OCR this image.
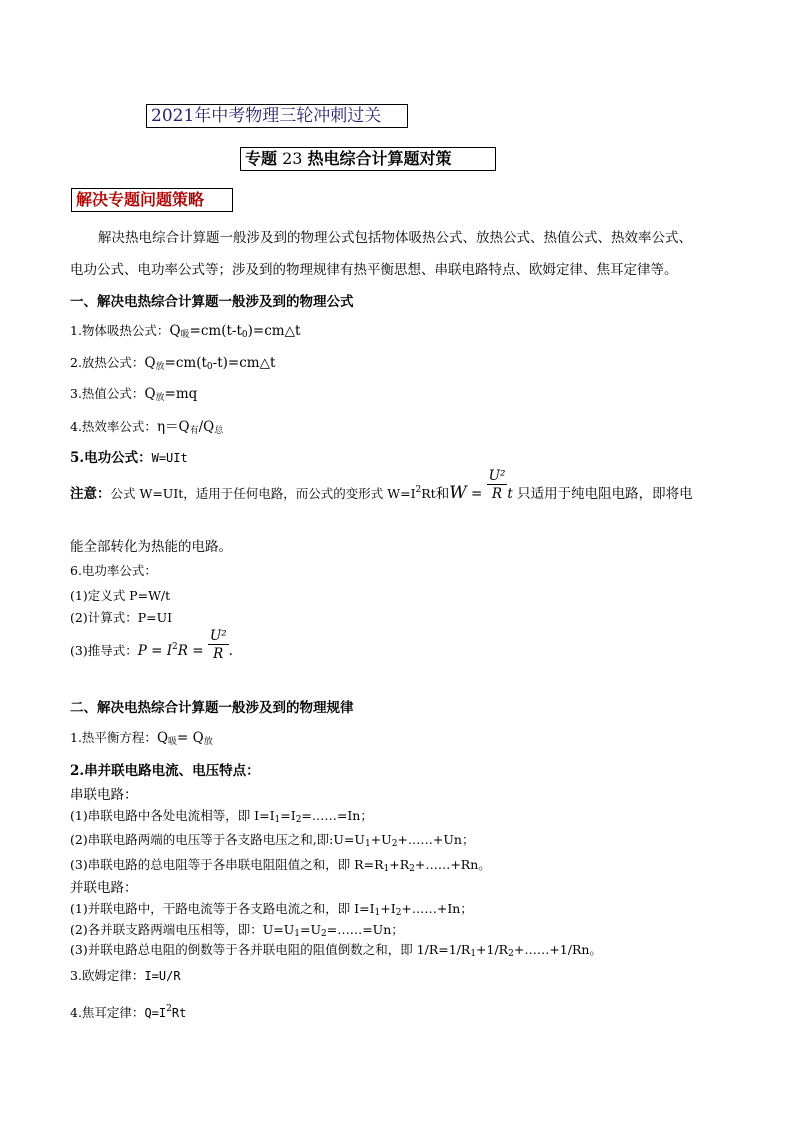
2021年中考物理三轮冲刺过关
专题 23 热电综合计算题对策
解决专题问题策略
解决热电综合计算题一般涉及到的物理公式包括物体吸热公式、放热公式、热值公式、热效率公式、
电功公式、电功率公式等；涉及到的物理规律有热平衡思想、串联电路特点、欧姆定律、焦耳定律等。
一、解决电热综合计算题一般涉及到的物理公式
1.物体吸热公式：$Q_吸=cm(t-t_0)=cm\triangle t$
2.放热公式：$Q_放=cm(t_0-t)=cm\triangle t$
3.热值公式：$Q_放=mq$
4.热效率公式：$\eta=Q_有/Q_总$
5.电功公式：W=UIt
注意：公式 W=UIt，适用于任何电路，而公式的变形式 $W=I^2Rt$和$W = \frac{\text{U²}}{R}$ t 只适用于纯电阻电路，即将电
能全部转化为热能的电路。
6.电功率公式：
(1)定义式 P=W/t
(2)计算式：P=UI
(3)推导式：$P = I^2R = \frac{\text{U²}}{R}$ .
二、解决电热综合计算题一般涉及到的物理规律
1.热平衡方程：$Q_吸= Q_放$
2.串并联电路电流、电压特点：
串联电路：
(1)串联电路中各处电流相等，即 $I=I_1=I_2=\dots\dots=In$；
(2)串联电路两端的电压等于各支路电压之和,即$:U=U_1+U_2+\dots\dots+Un$；
(3)串联电路的总电阻等于各串联电阻阻值之和，即 $R=R_1+R_2+\dots\dots+Rn$。
并联电路：
(1)并联电路中，干路电流等于各支路电流之和，即 $I=I_1+I_2+\dots\dots+In$；
(2)各并联支路两端电压相等，即：$U=U_1=U_2=\dots\dots=Un$；
(3)并联电路总电阻的倒数等于各并联电阻的阻值倒数之和，即 $1/R=1/R_1+1/R_2+\dots\dots+1/Rn$。
3.欧姆定律：I=U/R
4.焦耳定律：$Q=I^2Rt$
